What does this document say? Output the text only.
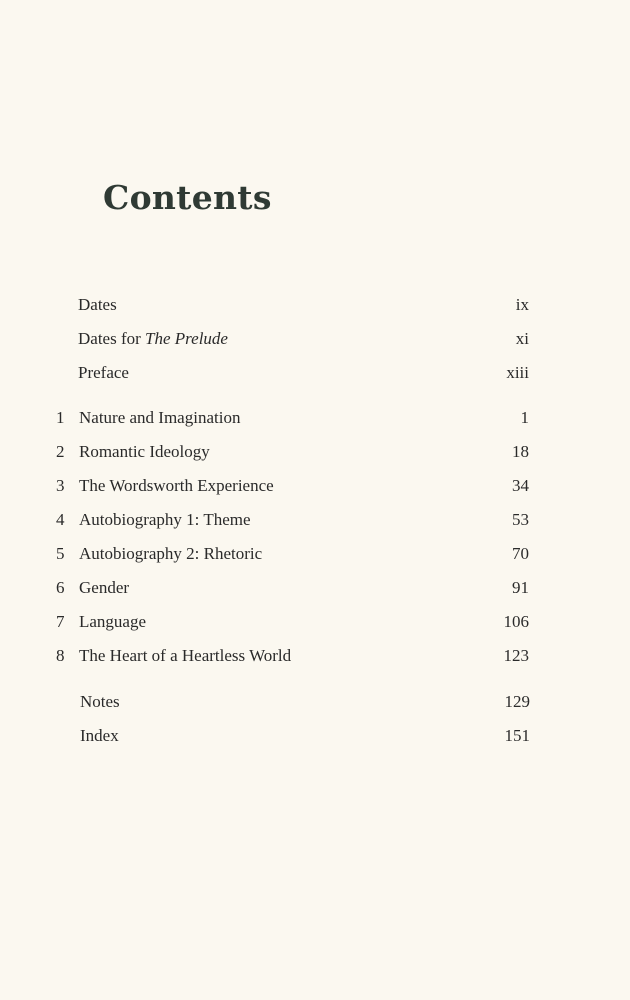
Contents
Dates	ix
Dates for The Prelude	xi
Preface	xiii
1 Nature and Imagination	1
2 Romantic Ideology	18
3 The Wordsworth Experience	34
4 Autobiography 1: Theme	53
5 Autobiography 2: Rhetoric	70
6 Gender	91
7 Language	106
8 The Heart of a Heartless World	123
Notes	129
Index	151
